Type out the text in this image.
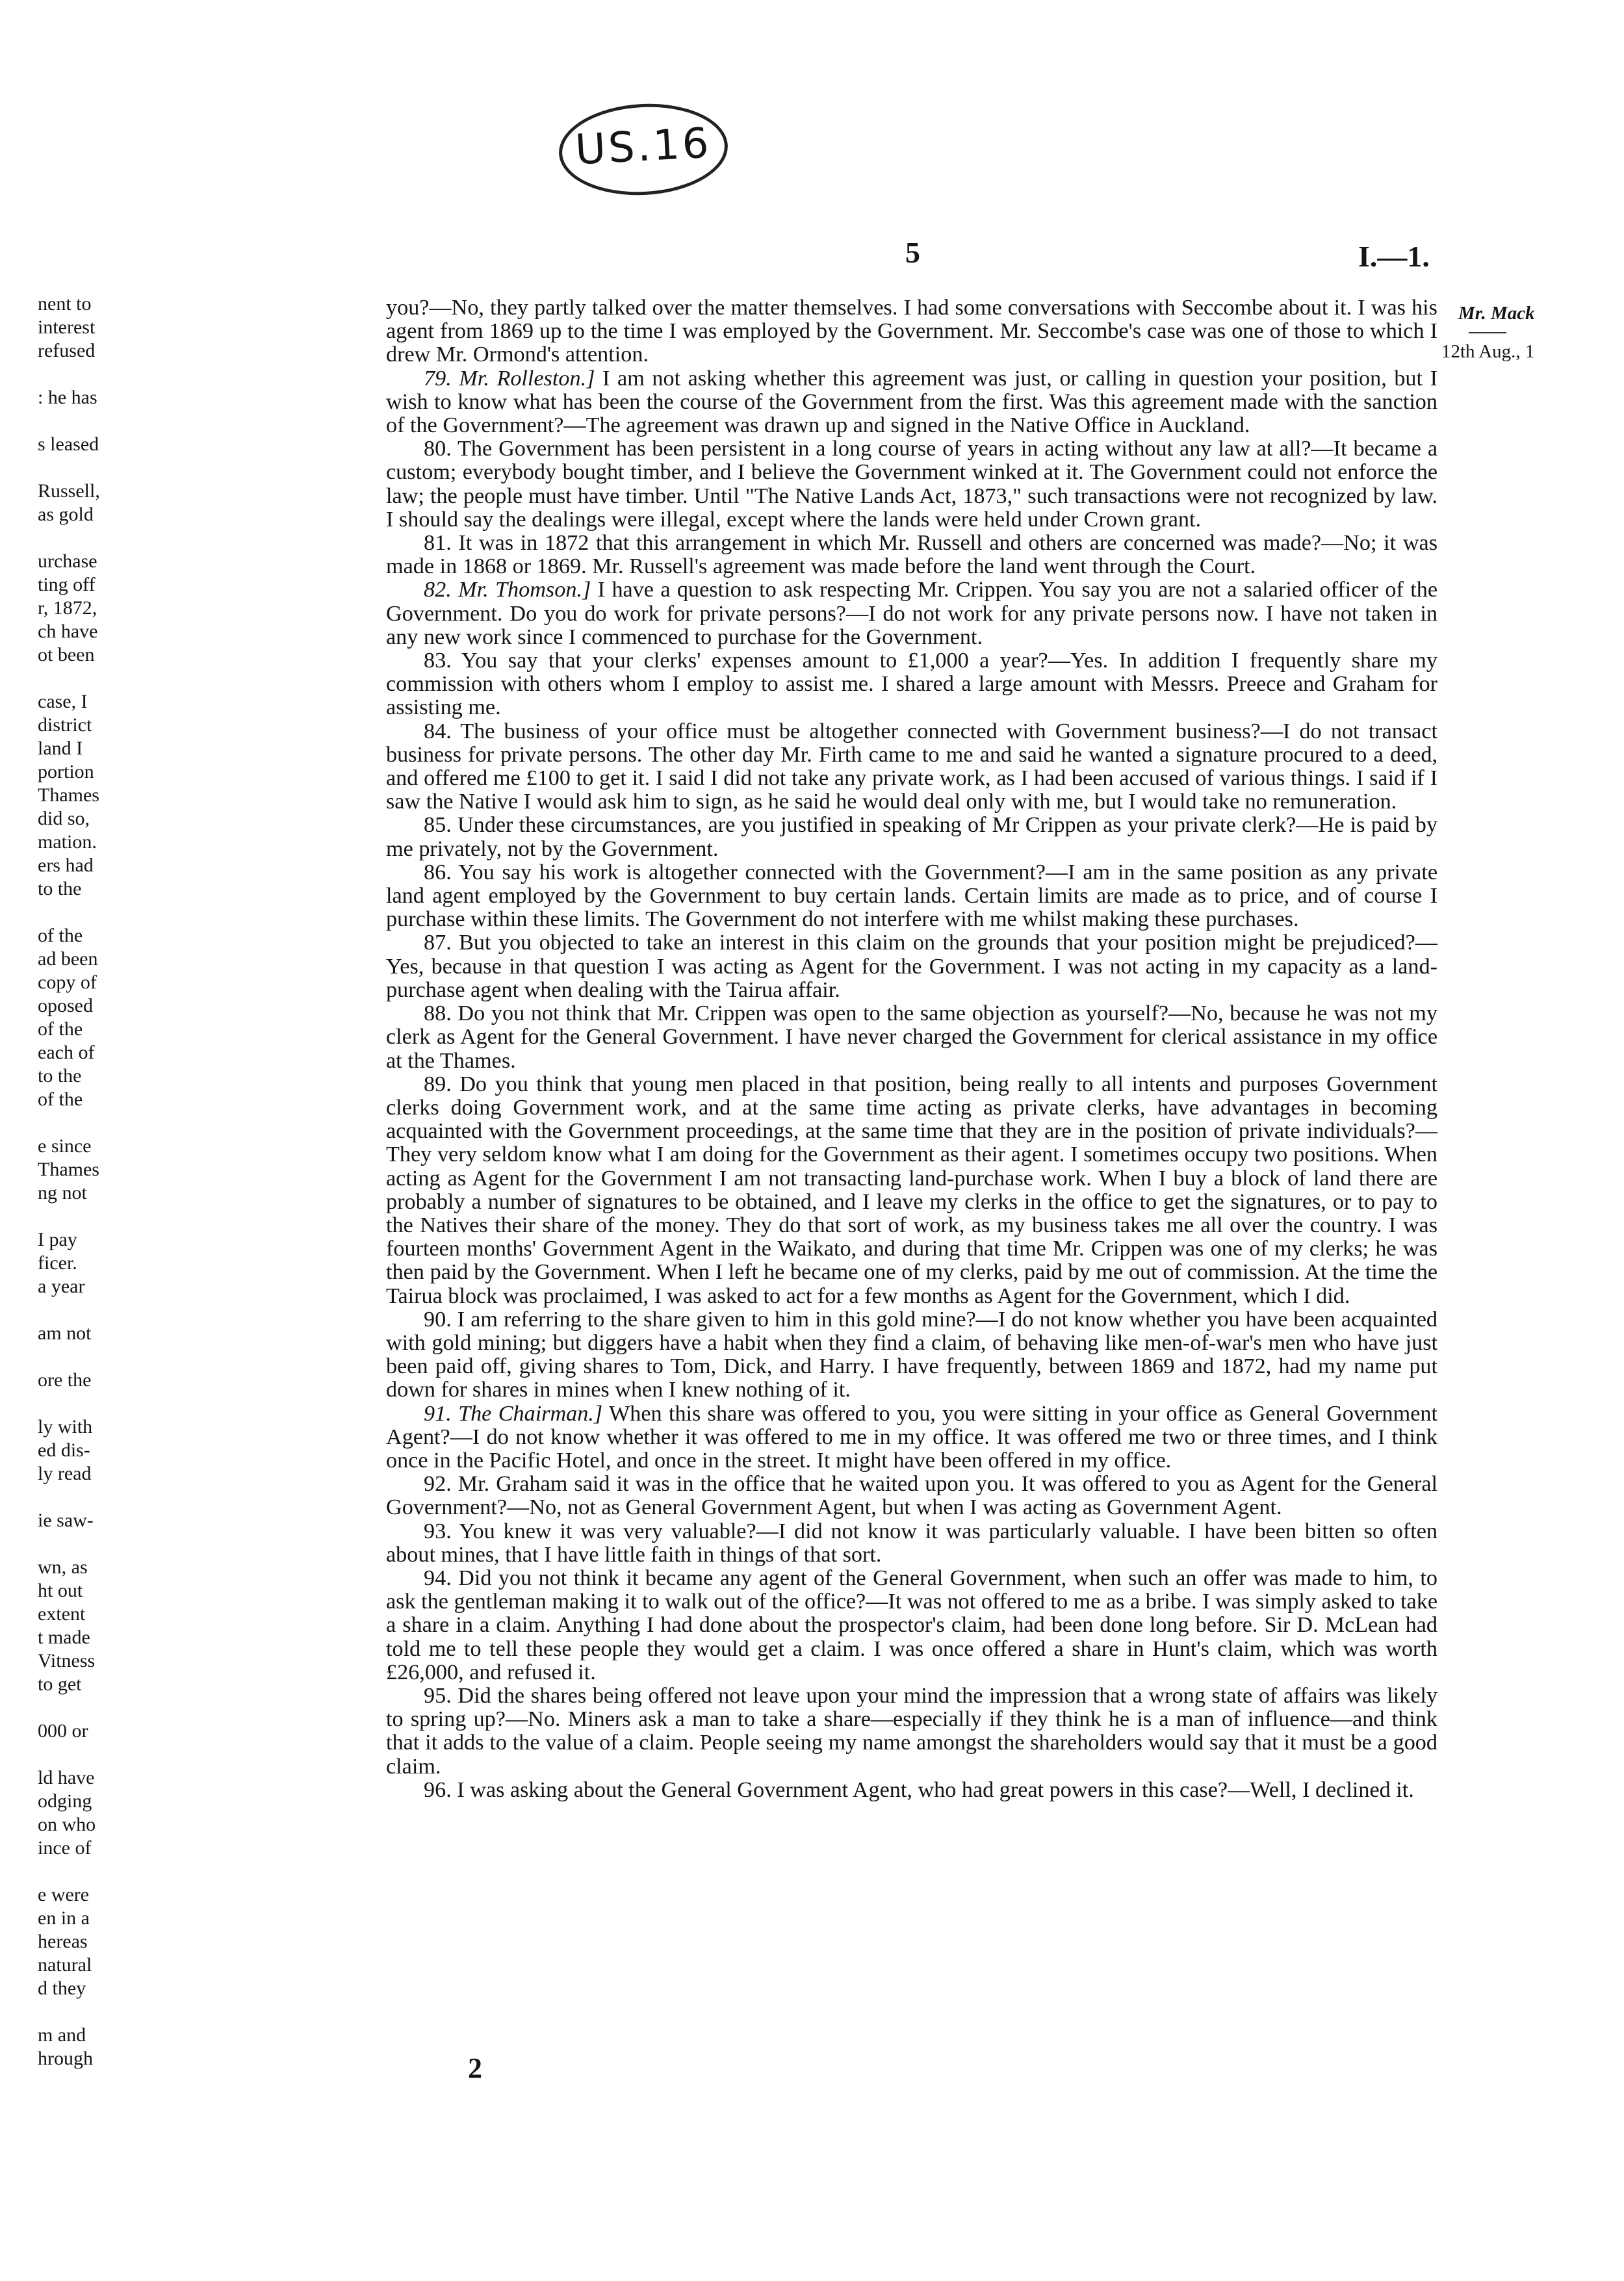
US.16
5	I.—1.
nent to
interest
refused
: he has
s leased
Russell,
as gold
urchase
ting off
r, 1872,
ch have
ot been
case, I
district
land I
portion
Thames
did so,
mation.
ers had
to the
of the
ad been
copy of
oposed
of the
each of
to the
of the
e since
Thames
ng not
I pay
ficer.
a year
am not
ore the
ly with
ed dis-
ly read
ie saw-
wn, as
ht out
extent
t made
Vitness
to get
000 or
ld have
odging
on who
ince of
e were
en in a
hereas
natural
d they
m and
hrough
Mr. Mack
12th Aug., 1

you?—No, they partly talked over the matter themselves. I had some conversations with Seccombe about it. I was his agent from 1869 up to the time I was employed by the Government. Mr. Seccombe's case was one of those to which I drew Mr. Ormond's attention.

79. Mr. Rolleston.] I am not asking whether this agreement was just, or calling in question your position, but I wish to know what has been the course of the Government from the first. Was this agreement made with the sanction of the Government?—The agreement was drawn up and signed in the Native Office in Auckland.

80. The Government has been persistent in a long course of years in acting without any law at all?—It became a custom; everybody bought timber, and I believe the Government winked at it. The Government could not enforce the law; the people must have timber. Until "The Native Lands Act, 1873," such transactions were not recognized by law. I should say the dealings were illegal, except where the lands were held under Crown grant.

81. It was in 1872 that this arrangement in which Mr. Russell and others are concerned was made?—No; it was made in 1868 or 1869. Mr. Russell's agreement was made before the land went through the Court.

82. Mr. Thomson.] I have a question to ask respecting Mr. Crippen. You say you are not a salaried officer of the Government. Do you do work for private persons?—I do not work for any private persons now. I have not taken in any new work since I commenced to purchase for the Government.

83. You say that your clerks' expenses amount to £1,000 a year?—Yes. In addition I frequently share my commission with others whom I employ to assist me. I shared a large amount with Messrs. Preece and Graham for assisting me.

84. The business of your office must be altogether connected with Government business?—I do not transact business for private persons. The other day Mr. Firth came to me and said he wanted a signature procured to a deed, and offered me £100 to get it. I said I did not take any private work, as I had been accused of various things. I said if I saw the Native I would ask him to sign, as he said he would deal only with me, but I would take no remuneration.

85. Under these circumstances, are you justified in speaking of Mr Crippen as your private clerk?—He is paid by me privately, not by the Government.

86. You say his work is altogether connected with the Government?—I am in the same position as any private land agent employed by the Government to buy certain lands. Certain limits are made as to price, and of course I purchase within these limits. The Government do not interfere with me whilst making these purchases.

87. But you objected to take an interest in this claim on the grounds that your position might be prejudiced?—Yes, because in that question I was acting as Agent for the Government. I was not acting in my capacity as a land-purchase agent when dealing with the Tairua affair.

88. Do you not think that Mr. Crippen was open to the same objection as yourself?—No, because he was not my clerk as Agent for the General Government. I have never charged the Government for clerical assistance in my office at the Thames.

89. Do you think that young men placed in that position, being really to all intents and purposes Government clerks doing Government work, and at the same time acting as private clerks, have advantages in becoming acquainted with the Government proceedings, at the same time that they are in the position of private individuals?—They very seldom know what I am doing for the Government as their agent. I sometimes occupy two positions. When acting as Agent for the Government I am not transacting land-purchase work. When I buy a block of land there are probably a number of signatures to be obtained, and I leave my clerks in the office to get the signatures, or to pay to the Natives their share of the money. They do that sort of work, as my business takes me all over the country. I was fourteen months' Government Agent in the Waikato, and during that time Mr. Crippen was one of my clerks; he was then paid by the Government. When I left he became one of my clerks, paid by me out of commission. At the time the Tairua block was proclaimed, I was asked to act for a few months as Agent for the Government, which I did.

90. I am referring to the share given to him in this gold mine?—I do not know whether you have been acquainted with gold mining; but diggers have a habit when they find a claim, of behaving like men-of-war's men who have just been paid off, giving shares to Tom, Dick, and Harry. I have frequently, between 1869 and 1872, had my name put down for shares in mines when I knew nothing of it.

91. The Chairman.] When this share was offered to you, you were sitting in your office as General Government Agent?—I do not know whether it was offered to me in my office. It was offered me two or three times, and I think once in the Pacific Hotel, and once in the street. It might have been offered in my office.

92. Mr. Graham said it was in the office that he waited upon you. It was offered to you as Agent for the General Government?—No, not as General Government Agent, but when I was acting as Government Agent.

93. You knew it was very valuable?—I did not know it was particularly valuable. I have been bitten so often about mines, that I have little faith in things of that sort.

94. Did you not think it became any agent of the General Government, when such an offer was made to him, to ask the gentleman making it to walk out of the office?—It was not offered to me as a bribe. I was simply asked to take a share in a claim. Anything I had done about the prospector's claim, had been done long before. Sir D. McLean had told me to tell these people they would get a claim. I was once offered a share in Hunt's claim, which was worth £26,000, and refused it.

95. Did the shares being offered not leave upon your mind the impression that a wrong state of affairs was likely to spring up?—No. Miners ask a man to take a share—especially if they think he is a man of influence—and think that it adds to the value of a claim. People seeing my name amongst the shareholders would say that it must be a good claim.

96. I was asking about the General Government Agent, who had great powers in this case?—Well, I declined it.

2
